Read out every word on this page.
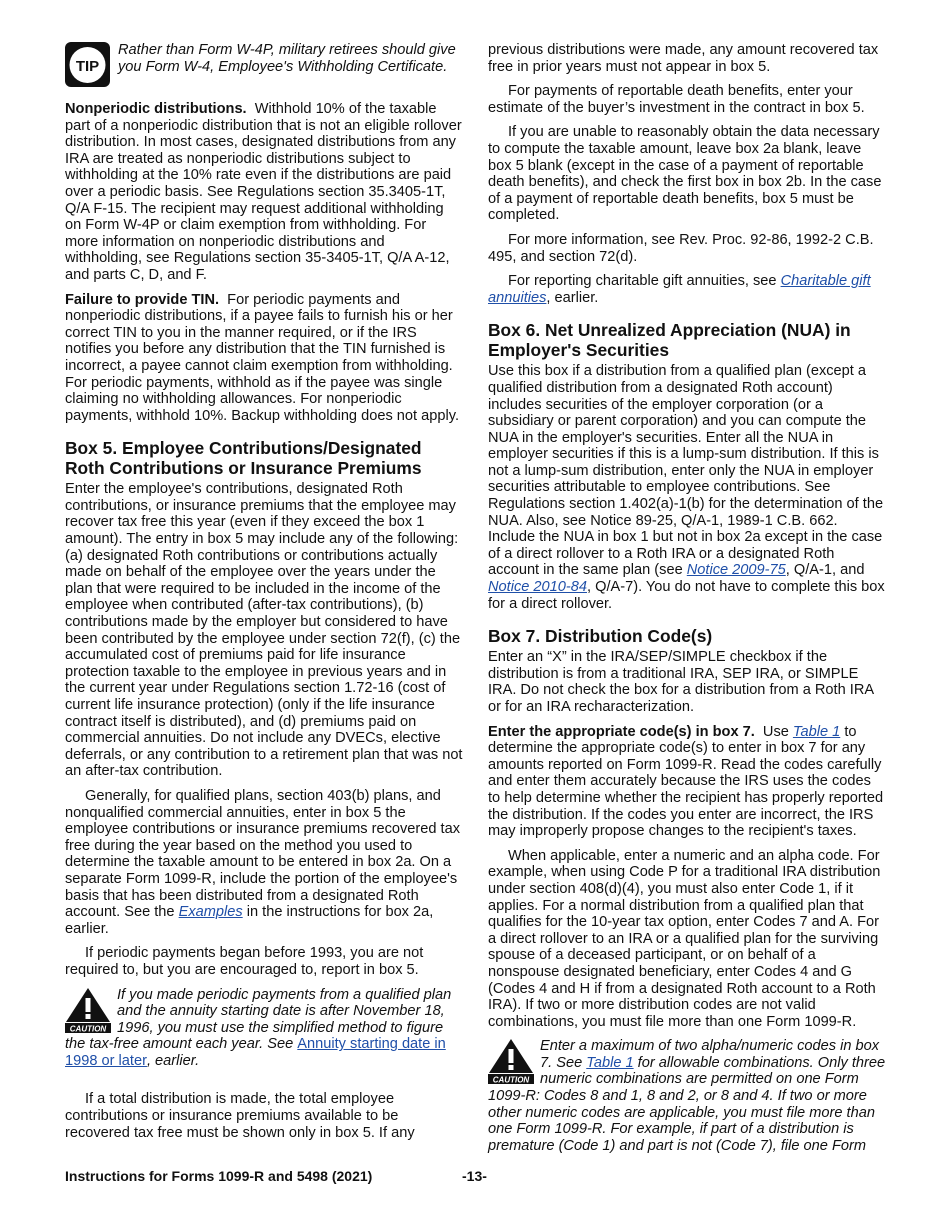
TIP
Rather than Form W-4P, military retirees should give you Form W-4, Employee's Withholding Certificate.

Nonperiodic distributions. Withhold 10% of the taxable part of a nonperiodic distribution that is not an eligible rollover distribution. In most cases, designated distributions from any IRA are treated as nonperiodic distributions subject to withholding at the 10% rate even if the distributions are paid over a periodic basis. See Regulations section 35.3405-1T, Q/A F-15. The recipient may request additional withholding on Form W-4P or claim exemption from withholding. For more information on nonperiodic distributions and withholding, see Regulations section 35-3405-1T, Q/A A-12, and parts C, D, and F.

Failure to provide TIN. For periodic payments and nonperiodic distributions, if a payee fails to furnish his or her correct TIN to you in the manner required, or if the IRS notifies you before any distribution that the TIN furnished is incorrect, a payee cannot claim exemption from withholding. For periodic payments, withhold as if the payee was single claiming no withholding allowances. For nonperiodic payments, withhold 10%. Backup withholding does not apply.

Box 5. Employee Contributions/Designated Roth Contributions or Insurance Premiums

Enter the employee's contributions, designated Roth contributions, or insurance premiums that the employee may recover tax free this year (even if they exceed the box 1 amount). The entry in box 5 may include any of the following: (a) designated Roth contributions or contributions actually made on behalf of the employee over the years under the plan that were required to be included in the income of the employee when contributed (after-tax contributions), (b) contributions made by the employer but considered to have been contributed by the employee under section 72(f), (c) the accumulated cost of premiums paid for life insurance protection taxable to the employee in previous years and in the current year under Regulations section 1.72-16 (cost of current life insurance protection) (only if the life insurance contract itself is distributed), and (d) premiums paid on commercial annuities. Do not include any DVECs, elective deferrals, or any contribution to a retirement plan that was not an after-tax contribution.

Generally, for qualified plans, section 403(b) plans, and nonqualified commercial annuities, enter in box 5 the employee contributions or insurance premiums recovered tax free during the year based on the method you used to determine the taxable amount to be entered in box 2a. On a separate Form 1099-R, include the portion of the employee's basis that has been distributed from a designated Roth account. See the Examples in the instructions for box 2a, earlier.

If periodic payments began before 1993, you are not required to, but you are encouraged to, report in box 5.

CAUTION
If you made periodic payments from a qualified plan and the annuity starting date is after November 18, 1996, you must use the simplified method to figure the tax-free amount each year. See Annuity starting date in 1998 or later, earlier.

If a total distribution is made, the total employee contributions or insurance premiums available to be recovered tax free must be shown only in box 5. If any

previous distributions were made, any amount recovered tax free in prior years must not appear in box 5.

For payments of reportable death benefits, enter your estimate of the buyer’s investment in the contract in box 5.

If you are unable to reasonably obtain the data necessary to compute the taxable amount, leave box 2a blank, leave box 5 blank (except in the case of a payment of reportable death benefits), and check the first box in box 2b. In the case of a payment of reportable death benefits, box 5 must be completed.

For more information, see Rev. Proc. 92-86, 1992-2 C.B. 495, and section 72(d).

For reporting charitable gift annuities, see Charitable gift annuities, earlier.

Box 6. Net Unrealized Appreciation (NUA) in Employer's Securities

Use this box if a distribution from a qualified plan (except a qualified distribution from a designated Roth account) includes securities of the employer corporation (or a subsidiary or parent corporation) and you can compute the NUA in the employer's securities. Enter all the NUA in employer securities if this is a lump-sum distribution. If this is not a lump-sum distribution, enter only the NUA in employer securities attributable to employee contributions. See Regulations section 1.402(a)-1(b) for the determination of the NUA. Also, see Notice 89-25, Q/A-1, 1989-1 C.B. 662. Include the NUA in box 1 but not in box 2a except in the case of a direct rollover to a Roth IRA or a designated Roth account in the same plan (see Notice 2009-75, Q/A-1, and Notice 2010-84, Q/A-7). You do not have to complete this box for a direct rollover.

Box 7. Distribution Code(s)

Enter an “X” in the IRA/SEP/SIMPLE checkbox if the distribution is from a traditional IRA, SEP IRA, or SIMPLE IRA. Do not check the box for a distribution from a Roth IRA or for an IRA recharacterization.

Enter the appropriate code(s) in box 7. Use Table 1 to determine the appropriate code(s) to enter in box 7 for any amounts reported on Form 1099-R. Read the codes carefully and enter them accurately because the IRS uses the codes to help determine whether the recipient has properly reported the distribution. If the codes you enter are incorrect, the IRS may improperly propose changes to the recipient's taxes.

When applicable, enter a numeric and an alpha code. For example, when using Code P for a traditional IRA distribution under section 408(d)(4), you must also enter Code 1, if it applies. For a normal distribution from a qualified plan that qualifies for the 10-year tax option, enter Codes 7 and A. For a direct rollover to an IRA or a qualified plan for the surviving spouse of a deceased participant, or on behalf of a nonspouse designated beneficiary, enter Codes 4 and G (Codes 4 and H if from a designated Roth account to a Roth IRA). If two or more distribution codes are not valid combinations, you must file more than one Form 1099-R.

CAUTION
Enter a maximum of two alpha/numeric codes in box 7. See Table 1 for allowable combinations. Only three numeric combinations are permitted on one Form 1099-R: Codes 8 and 1, 8 and 2, or 8 and 4. If two or more other numeric codes are applicable, you must file more than one Form 1099-R. For example, if part of a distribution is premature (Code 1) and part is not (Code 7), file one Form
Instructions for Forms 1099-R and 5498 (2021)	-13-
